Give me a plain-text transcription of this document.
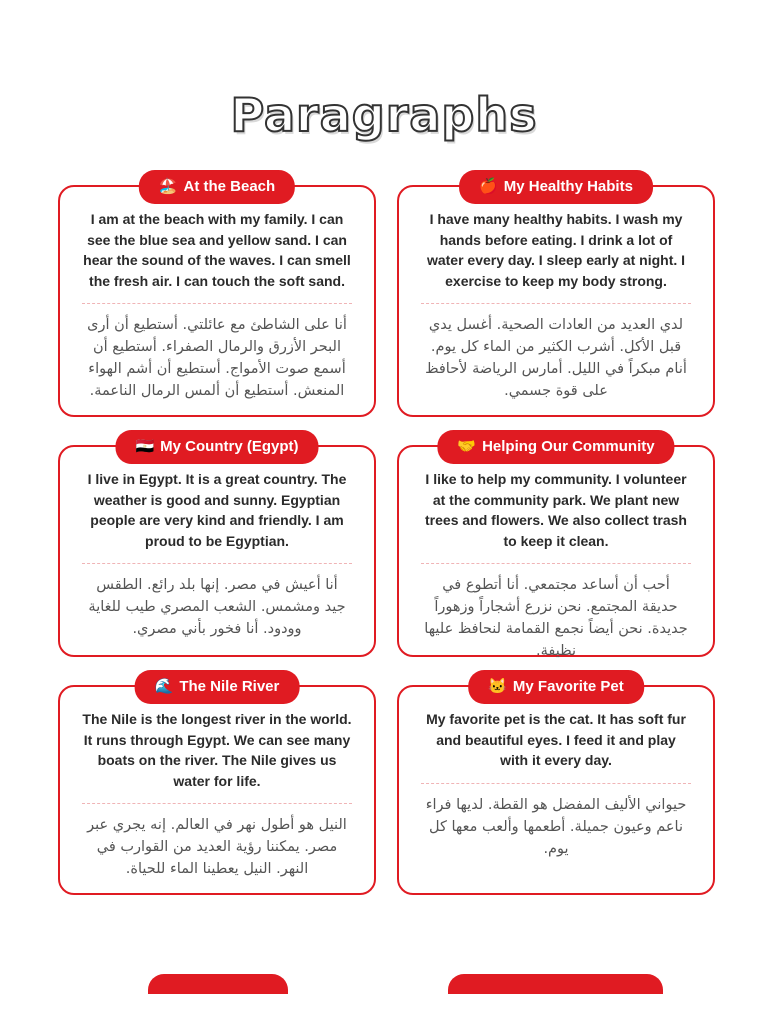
Paragraphs
🏖️ At the Beach

I am at the beach with my family. I can see the blue sea and yellow sand. I can hear the sound of the waves. I can smell the fresh air. I can touch the soft sand.

أنا على الشاطئ مع عائلتي. أستطيع أن أرى البحر الأزرق والرمال الصفراء. أستطيع أن أسمع صوت الأمواج. أستطيع أن أشم الهواء المنعش. أستطيع أن ألمس الرمال الناعمة.

🍎 My Healthy Habits

I have many healthy habits. I wash my hands before eating. I drink a lot of water every day. I sleep early at night. I exercise to keep my body strong.

لدي العديد من العادات الصحية. أغسل يدي قبل الأكل. أشرب الكثير من الماء كل يوم. أنام مبكراً في الليل. أمارس الرياضة لأحافظ على قوة جسمي.

🇪🇬 My Country (Egypt)

I live in Egypt. It is a great country. The weather is good and sunny. Egyptian people are very kind and friendly. I am proud to be Egyptian.

أنا أعيش في مصر. إنها بلد رائع. الطقس جيد ومشمس. الشعب المصري طيب للغاية وودود. أنا فخور بأني مصري.

🤝 Helping Our Community

I like to help my community. I volunteer at the community park. We plant new trees and flowers. We also collect trash to keep it clean.

أحب أن أساعد مجتمعي. أنا أتطوع في حديقة المجتمع. نحن نزرع أشجاراً وزهوراً جديدة. نحن أيضاً نجمع القمامة لنحافظ عليها نظيفة.

🌊 The Nile River

The Nile is the longest river in the world. It runs through Egypt. We can see many boats on the river. The Nile gives us water for life.

النيل هو أطول نهر في العالم. إنه يجري عبر مصر. يمكننا رؤية العديد من القوارب في النهر. النيل يعطينا الماء للحياة.

🐱 My Favorite Pet

My favorite pet is the cat. It has soft fur and beautiful eyes. I feed it and play with it every day.

حيواني الأليف المفضل هو القطة. لديها فراء ناعم وعيون جميلة. أطعمها وألعب معها كل يوم.
